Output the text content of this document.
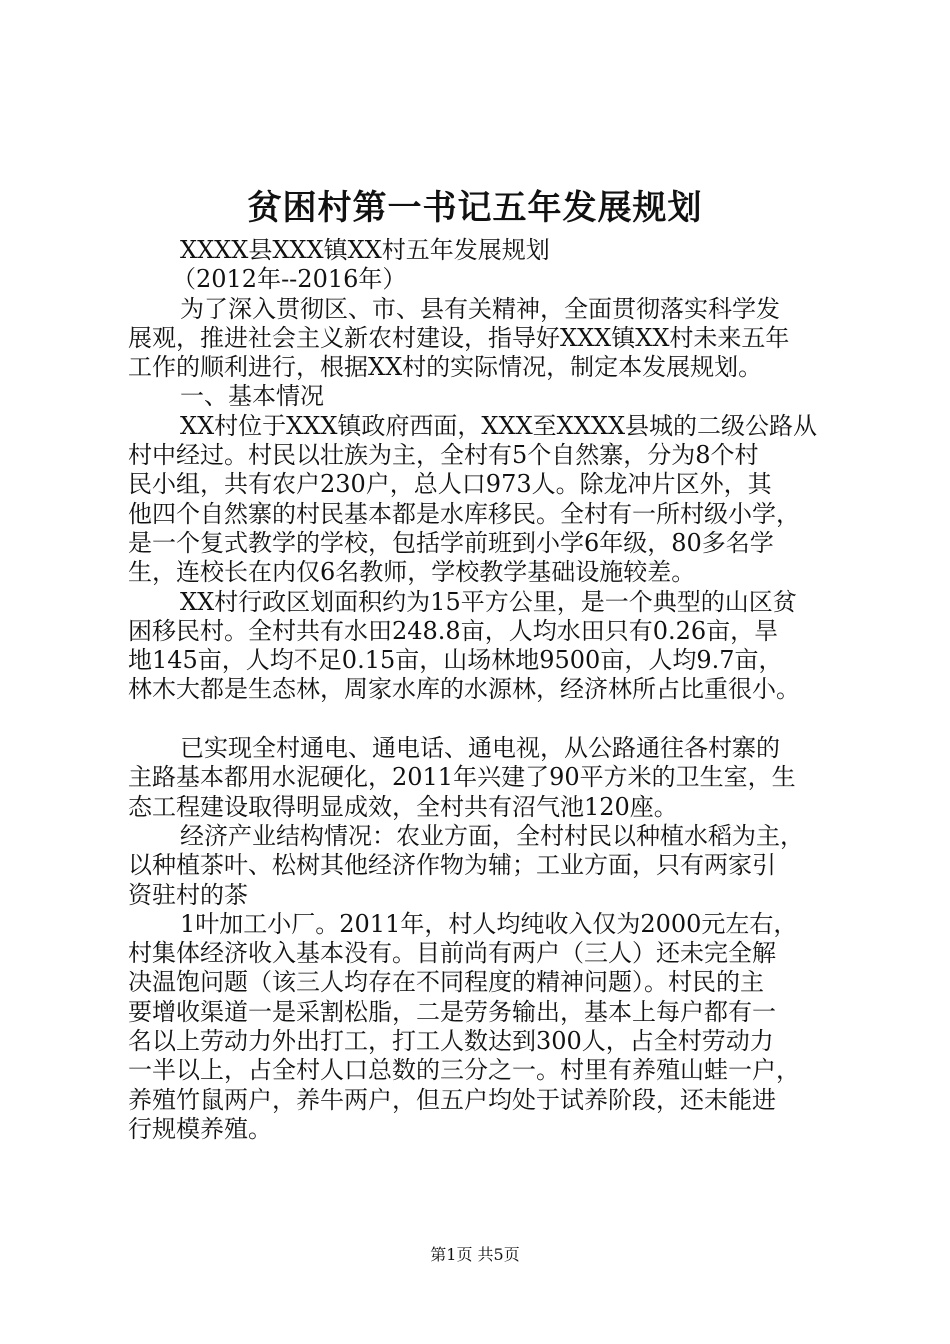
贫困村第一书记五年发展规划
XXXX县XXX镇XX村五年发展规划
（2012年--2016年）
为了深入贯彻区、市、县有关精神，全面贯彻落实科学发
展观，推进社会主义新农村建设，指导好XXX镇XX村未来五年
工作的顺利进行，根据XX村的实际情况，制定本发展规划。
一、基本情况
XX村位于XXX镇政府西面，XXX至XXXX县城的二级公路从
村中经过。村民以壮族为主，全村有5个自然寨，分为8个村
民小组，共有农户230户，总人口973人。除龙冲片区外，其
他四个自然寨的村民基本都是水库移民。全村有一所村级小学，
是一个复式教学的学校，包括学前班到小学6年级，80多名学
生，连校长在内仅6名教师，学校教学基础设施较差。
XX村行政区划面积约为15平方公里，是一个典型的山区贫
困移民村。全村共有水田248.8亩，人均水田只有0.26亩，旱
地145亩，人均不足0.15亩，山场林地9500亩，人均9.7亩，
林木大都是生态林，周家水库的水源林，经济林所占比重很小。
已实现全村通电、通电话、通电视，从公路通往各村寨的
主路基本都用水泥硬化，2011年兴建了90平方米的卫生室，生
态工程建设取得明显成效，全村共有沼气池120座。
经济产业结构情况：农业方面，全村村民以种植水稻为主，
以种植茶叶、松树其他经济作物为辅；工业方面，只有两家引
资驻村的茶
1叶加工小厂。2011年，村人均纯收入仅为2000元左右，
村集体经济收入基本没有。目前尚有两户（三人）还未完全解
决温饱问题（该三人均存在不同程度的精神问题）。村民的主
要增收渠道一是采割松脂，二是劳务输出，基本上每户都有一
名以上劳动力外出打工，打工人数达到300人，占全村劳动力
一半以上，占全村人口总数的三分之一。村里有养殖山蛙一户，
养殖竹鼠两户，养牛两户，但五户均处于试养阶段，还未能进
行规模养殖。
第1页 共5页
